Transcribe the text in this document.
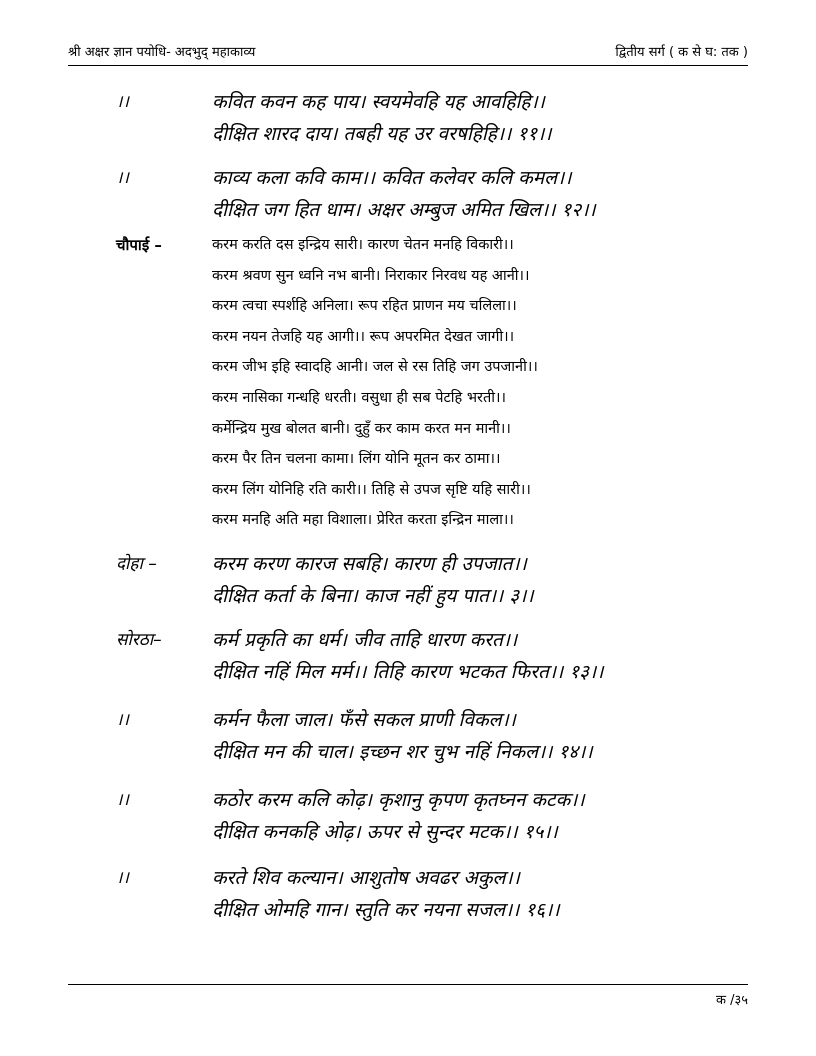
श्री अक्षर ज्ञान पयोधि- अदभुद् महाकाव्य	द्वितीय सर्ग ( क से घ: तक )
।।	कवित कवन कह पाय। स्वयमेवहि यह आवहिहि।।
दीक्षित शारद दाय। तबही यह उर वरषहिहि।। ११।।
।।	काव्य कला कवि काम।। कवित कलेवर कलि कमल।।
दीक्षित जग हित धाम। अक्षर अम्बुज अमित खिल।। १२।।
चौपाई –	करम करति दस इन्द्रिय सारी। कारण चेतन मनहि विकारी।।
करम श्रवण सुन ध्वनि नभ बानी। निराकार निरवध यह आनी।।
करम त्वचा स्पर्शहि अनिला। रूप रहित प्राणन मय चलिला।।
करम नयन तेजहि यह आगी।। रूप अपरमित देखत जागी।।
करम जीभ इहि स्वादहि आनी। जल से रस तिहि जग उपजानी।।
करम नासिका गन्धहि धरती। वसुधा ही सब पेटहि भरती।।
कर्मेन्द्रिय मुख बोलत बानी। दुहुँ कर काम करत मन मानी।।
करम पैर तिन चलना कामा। लिंग योनि मूतन कर ठामा।।
करम लिंग योनिहि रति कारी।। तिहि से उपज सृष्टि यहि सारी।।
करम मनहि अति महा विशाला। प्रेरित करता इन्द्रिन माला।।
दोहा –	करम करण कारज सबहि। कारण ही उपजात।।
दीक्षित कर्ता के बिना। काज नहीं हुय पात।। ३।।
सोरठा–	कर्म प्रकृति का धर्म। जीव ताहि धारण करत।।
दीक्षित नहिं मिल मर्म।। तिहि कारण भटकत फिरत।। १३।।
।।	कर्मन फैला जाल। फँसे सकल प्राणी विकल।।
दीक्षित मन की चाल। इच्छन शर चुभ नहिं निकल।। १४।।
।।	कठोर करम कलि कोढ़। कृशानु कृपण कृतघ्नन कटक।।
दीक्षित कनकहि ओढ़। ऊपर से सुन्दर मटक।। १५।।
।।	करते शिव कल्यान। आशुतोष अवढर अकुल।।
दीक्षित ओमहि गान। स्तुति कर नयना सजल।। १६।।
क /३५
